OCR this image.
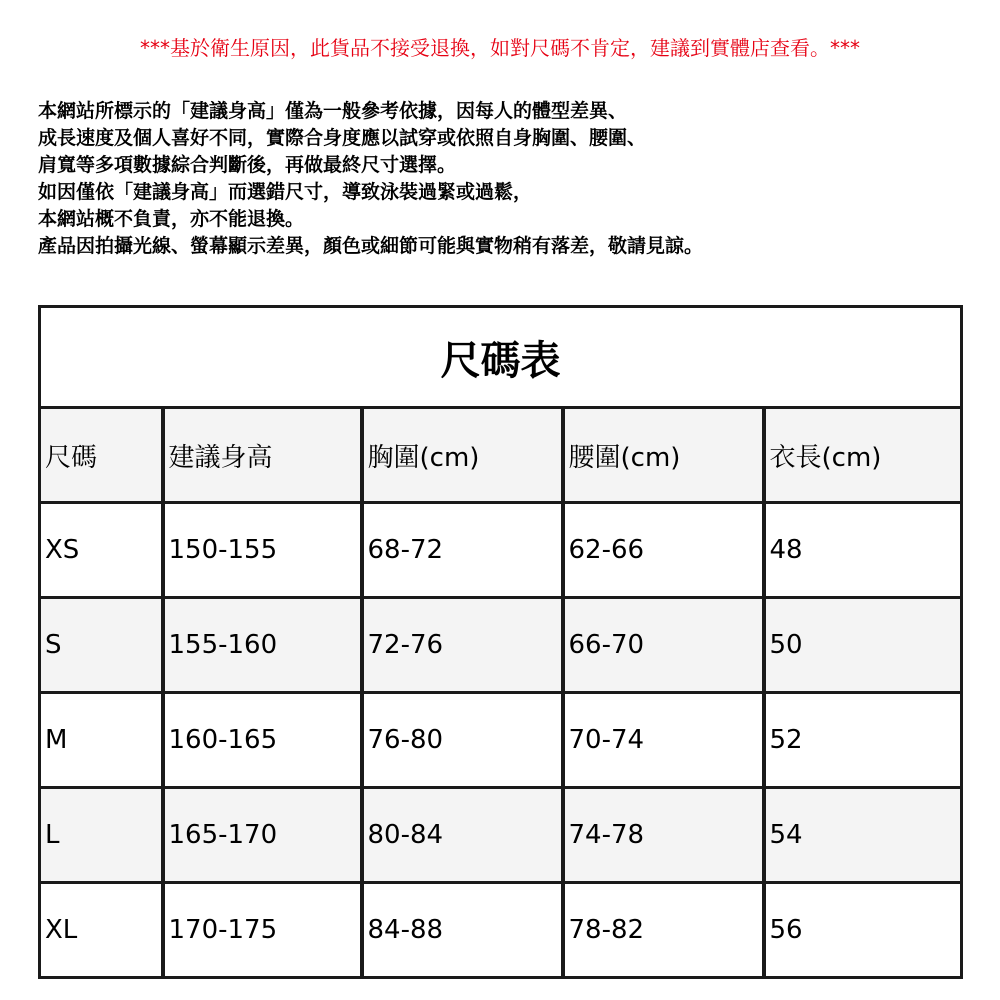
***基於衛生原因，此貨品不接受退換，如對尺碼不肯定，建議到實體店查看。***
本網站所標示的「建議身高」僅為一般參考依據，因每人的體型差異、
成長速度及個人喜好不同，實際合身度應以試穿或依照自身胸圍、腰圍、
肩寬等多項數據綜合判斷後，再做最終尺寸選擇。
如因僅依「建議身高」而選錯尺寸，導致泳裝過緊或過鬆，
本網站概不負責，亦不能退換。
產品因拍攝光線、螢幕顯示差異，顏色或細節可能與實物稍有落差，敬請見諒。
尺碼表				
尺碼	建議身高	胸圍(cm)	腰圍(cm)	衣長(cm)
XS	150-155	68-72	62-66	48
S	155-160	72-76	66-70	50
M	160-165	76-80	70-74	52
L	165-170	80-84	74-78	54
XL	170-175	84-88	78-82	56
